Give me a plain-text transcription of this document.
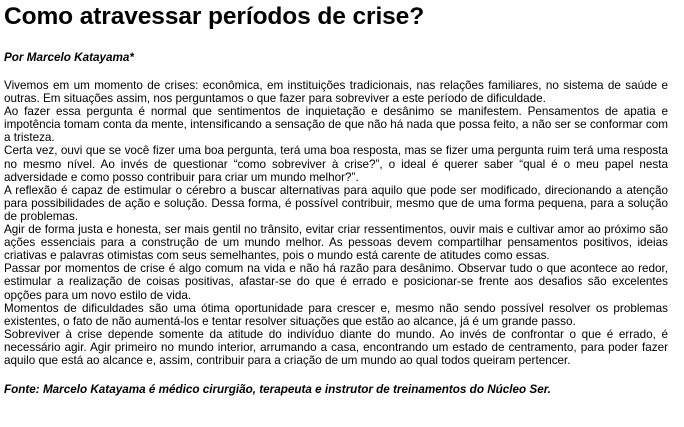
Como atravessar períodos de crise?

Por Marcelo Katayama*

Vivemos em um momento de crises: econômica, em instituições tradicionais, nas relações familiares, no sistema de saúde e outras. Em situações assim, nos perguntamos o que fazer para sobreviver a este período de dificuldade.

Ao fazer essa pergunta é normal que sentimentos de inquietação e desânimo se manifestem. Pensamentos de apatia e impotência tomam conta da mente, intensificando a sensação de que não há nada que possa feito, a não ser se conformar com a tristeza.

Certa vez, ouvi que se você fizer uma boa pergunta, terá uma boa resposta, mas se fizer uma pergunta ruim terá uma resposta no mesmo nível. Ao invés de questionar “como sobreviver à crise?”, o ideal é querer saber “qual é o meu papel nesta adversidade e como posso contribuir para criar um mundo melhor?”.

A reflexão é capaz de estimular o cérebro a buscar alternativas para aquilo que pode ser modificado, direcionando a atenção para possibilidades de ação e solução. Dessa forma, é possível contribuir, mesmo que de uma forma pequena, para a solução de problemas.

Agir de forma justa e honesta, ser mais gentil no trânsito, evitar criar ressentimentos, ouvir mais e cultivar amor ao próximo são ações essenciais para a construção de um mundo melhor. As pessoas devem compartilhar pensamentos positivos, ideias criativas e palavras otimistas com seus semelhantes, pois o mundo está carente de atitudes como essas.

Passar por momentos de crise é algo comum na vida e não há razão para desânimo. Observar tudo o que acontece ao redor, estimular a realização de coisas positivas, afastar-se do que é errado e posicionar-se frente aos desafios são excelentes opções para um novo estilo de vida.

Momentos de dificuldades são uma ótima oportunidade para crescer e, mesmo não sendo possível resolver os problemas existentes, o fato de não aumentá-los e tentar resolver situações que estão ao alcance, já é um grande passo.

Sobreviver à crise depende somente da atitude do indivíduo diante do mundo. Ao invés de confrontar o que é errado, é necessário agir. Agir primeiro no mundo interior, arrumando a casa, encontrando um estado de centramento, para poder fazer aquilo que está ao alcance e, assim, contribuir para a criação de um mundo ao qual todos queiram pertencer.

Fonte: Marcelo Katayama é médico cirurgião, terapeuta e instrutor de treinamentos do Núcleo Ser.
